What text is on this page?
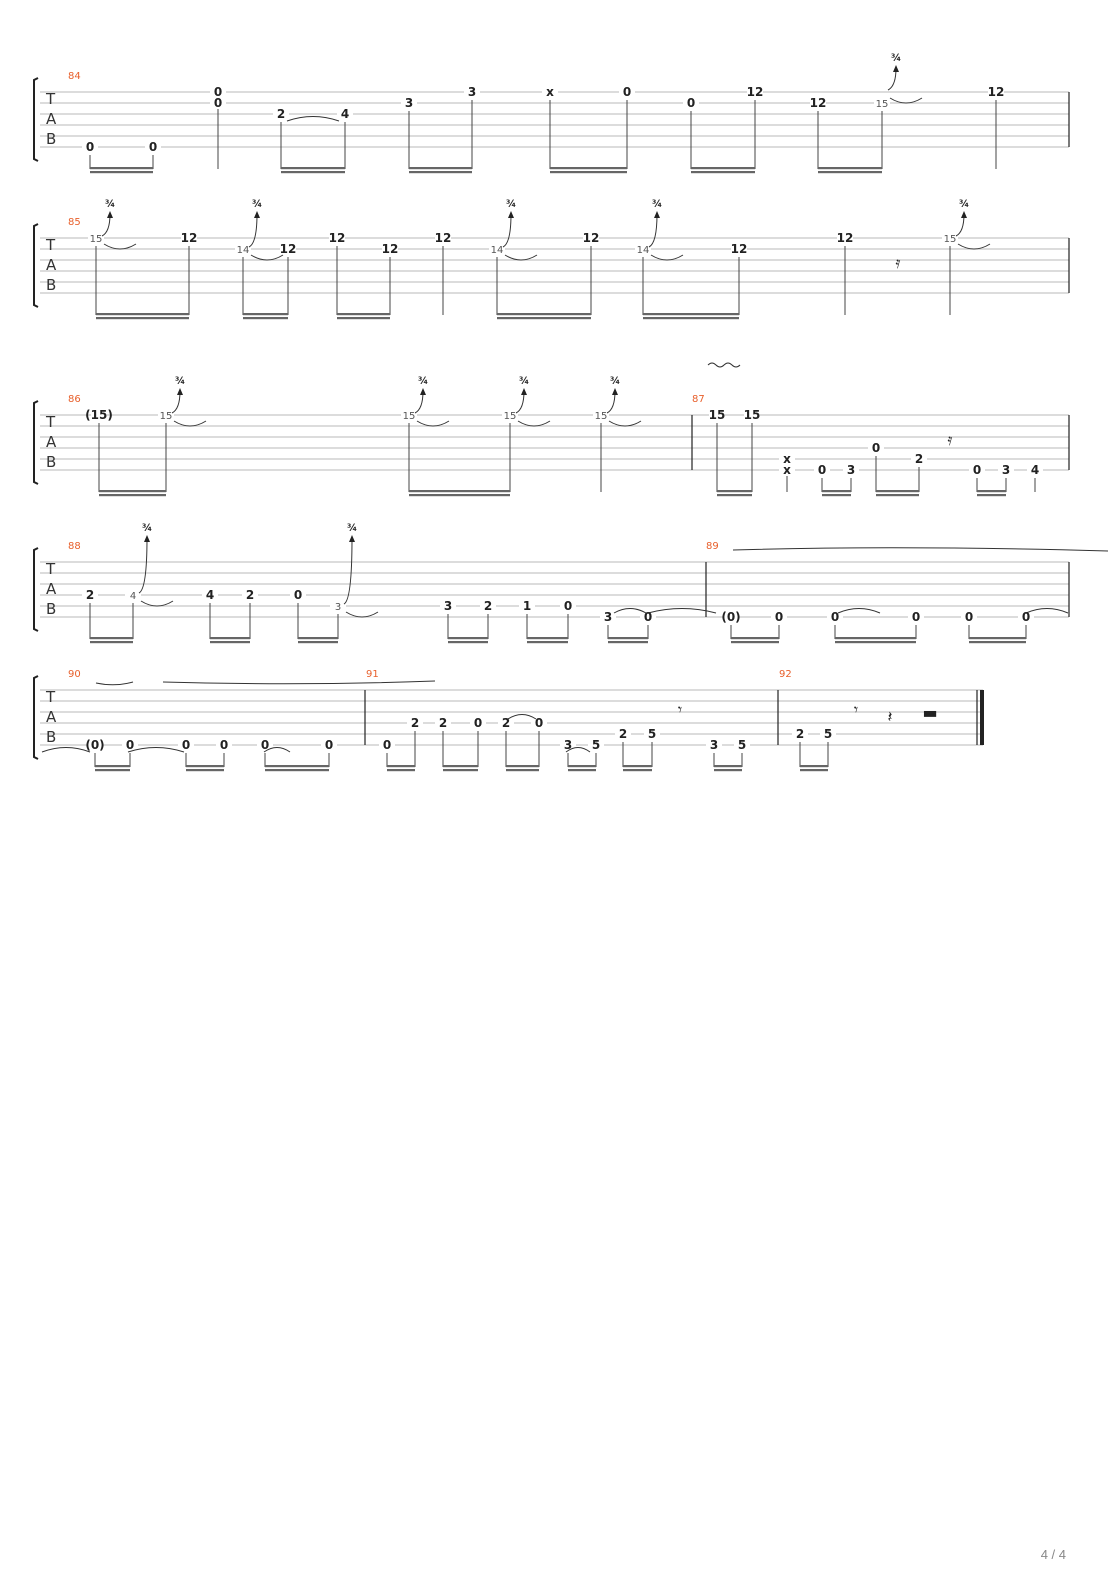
T
A
B
T
A
B
T
A
B
T
A
B
T
A
B
84
0	0
0
0
2	4
3
3	x	0
0
12
12	15
12
85
15	12
14	12
12
12	14
12
14	12
12	12	15
86
(15)	15	15	15	15
87
15 15
x
x 0 3
0
2
0 3 4
88
2	4	4	2	0
3	3	2	1	0
3	0
89
(0)	0	0	0	0	0
90
(0) 0	0 0	0	0
91
0
2 2 0 2 0
3 5
2 5
3 5
92
2 5
¾
¾	¾	¾	¾	¾
¾	¾	¾	¾
¾	¾
𝄿
𝄿
𝄾	𝄾 𝄽 ▬
4 / 4
